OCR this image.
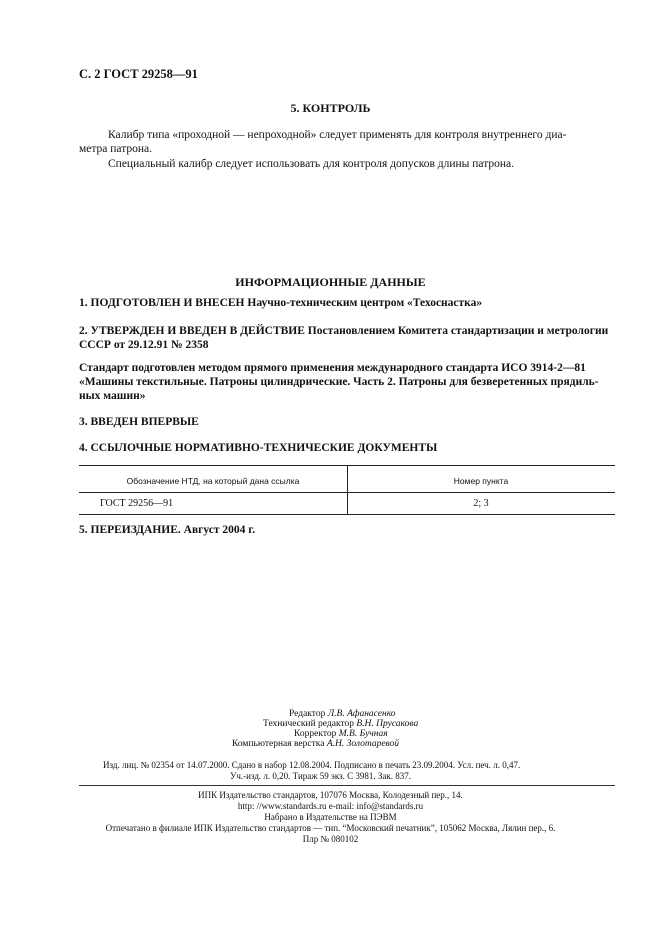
С. 2 ГОСТ 29258—91
5. КОНТРОЛЬ
Калибр типа «проходной — непроходной» следует применять для контроля внутреннего диа-
метра патрона.
Специальный калибр следует использовать для контроля допусков длины патрона.
ИНФОРМАЦИОННЫЕ ДАННЫЕ
1. ПОДГОТОВЛЕН И ВНЕСЕН Научно-техническим центром «Техоснастка»
2. УТВЕРЖДЕН И ВВЕДЕН В ДЕЙСТВИЕ Постановлением Комитета стандартизации и метрологии
СССР от 29.12.91 № 2358
Стандарт подготовлен методом прямого применения международного стандарта ИСО 3914-2—81
«Машины текстильные. Патроны цилиндрические. Часть 2. Патроны для безверетенных прядиль-
ных машин»
3. ВВЕДЕН ВПЕРВЫЕ
4. ССЫЛОЧНЫЕ НОРМАТИВНО-ТЕХНИЧЕСКИЕ ДОКУМЕНТЫ
Обозначение НТД, на который дана ссылка	Номер пункта
ГОСТ 29256—91	2; 3
5. ПЕРЕИЗДАНИЕ. Август 2004 г.
Редактор Л.В. Афанасенко
Технический редактор В.Н. Прусакова
Корректор М.В. Бучная
Компьютерная верстка А.Н. Золотаревой
Изд. лиц. № 02354 от 14.07.2000. Сдано в набор 12.08.2004. Подписано в печать 23.09.2004. Усл. печ. л. 0,47.
Уч.-изд. л. 0,20. Тираж 59 экз. С 3981. Зак. 837.
ИПК Издательство стандартов, 107076 Москва, Колодезный пер., 14.
http: //www.standards.ru e-mail: info@standards.ru
Набрано в Издательстве на ПЭВМ
Отпечатано в филиале ИПК Издательство стандартов — тип. “Московский печатник”, 105062 Москва, Лялин пер., 6.
Плр № 080102
